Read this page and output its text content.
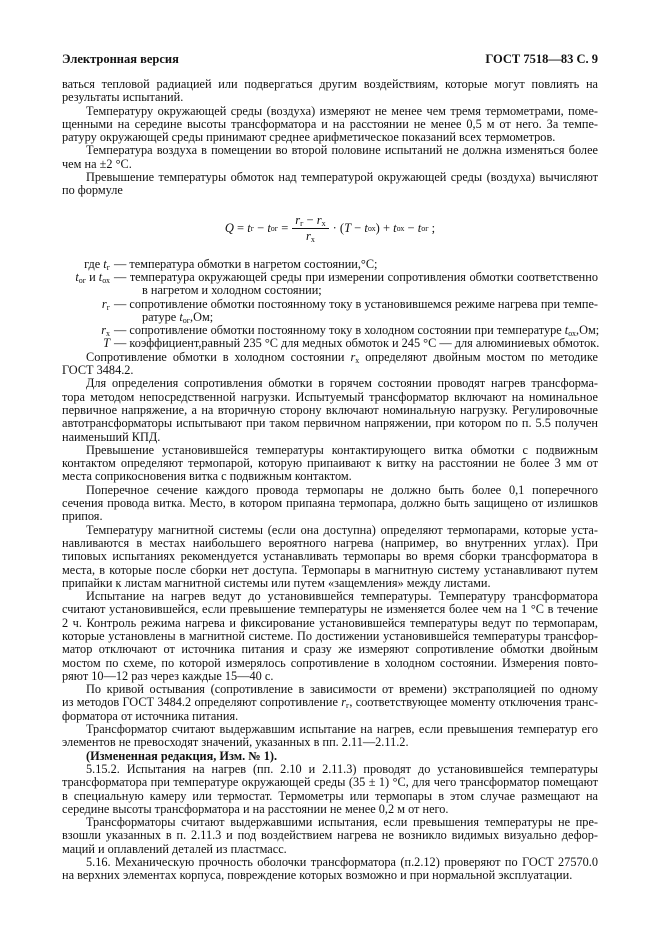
Электронная версия	ГОСТ 7518—83 С. 9
ваться тепловой радиацией или подвергаться другим воздействиям, которые могут повлиять на
результаты испытаний.
Температуру окружающей среды (воздуха) измеряют не менее чем тремя термометрами, поме-
щенными на середине высоты трансформатора и на расстоянии не менее 0,5 м от него. За темпе-
ратуру окружающей среды принимают среднее арифметическое показаний всех термометров.
Температура воздуха в помещении во второй половине испытаний не должна изменяться более
чем на ±2 °С.
Превышение температуры обмоток над температурой окружающей среды (воздуха) вычисляют
по формуле
Q
=
t г
−
t ог
= $\frac{r_г - r_х}{r_х}$ · ( T
−
t ох ) +
t ох
−
t ог
;
где $t_г$ — температура обмотки в нагретом состоянии,°С;
$t_{ог}$ и $t_{ох}$ — температура окружающей среды при измерении сопротивления обмотки соответственно
в нагретом и холодном состоянии;
$r_г$ — сопротивление обмотки постоянному току в установившемся режиме нагрева при темпе-
ратуре $t_{ог},Ом$;
$r_х$ — сопротивление обмотки постоянному току в холодном состоянии при температуре $t_{ох},Ом$;
T — коэффициент,равный 235 °С для медных обмоток и 245 °С — для алюминиевых обмоток.
Сопротивление обмотки в холодном состоянии $r_х$ определяют двойным мостом по методике
ГОСТ 3484.2.
Для определения сопротивления обмотки в горячем состоянии проводят нагрев трансформа-
тора методом непосредственной нагрузки. Испытуемый трансформатор включают на номинальное
первичное напряжение, а на вторичную сторону включают номинальную нагрузку. Регулировочные
автотрансформаторы испытывают при таком первичном напряжении, при котором по п. 5.5 получен
наименьший КПД.
Превышение установившейся температуры контактирующего витка обмотки с подвижным
контактом определяют термопарой, которую припаивают к витку на расстоянии не более 3 мм от
места соприкосновения витка с подвижным контактом.
Поперечное сечение каждого провода термопары не должно быть более 0,1 поперечного
сечения провода витка. Место, в котором припаяна термопара, должно быть защищено от излишков
припоя.
Температуру магнитной системы (если она доступна) определяют термопарами, которые уста-
навливаются в местах наибольшего вероятного нагрева (например, во внутренних углах). При
типовых испытаниях рекомендуется устанавливать термопары во время сборки трансформатора в
места, в которые после сборки нет доступа. Термопары в магнитную систему устанавливают путем
припайки к листам магнитной системы или путем «защемления» между листами.
Испытание на нагрев ведут до установившейся температуры. Температуру трансформатора
считают установившейся, если превышение температуры не изменяется более чем на 1 °С в течение
2 ч. Контроль режима нагрева и фиксирование установившейся температуры ведут по термопарам,
которые установлены в магнитной системе. По достижении установившейся температуры трансфор-
матор отключают от источника питания и сразу же измеряют сопротивление обмотки двойным
мостом по схеме, по которой измерялось сопротивление в холодном состоянии. Измерения повто-
ряют 10—12 раз через каждые 15—40 с.
По кривой остывания (сопротивление в зависимости от времени) экстраполяцией по одному
из методов ГОСТ 3484.2 определяют сопротивление $r_г$, соответствующее моменту отключения транс-
форматора от источника питания.
Трансформатор считают выдержавшим испытание на нагрев, если превышения температур его
элементов не превосходят значений, указанных в пп. 2.11—2.11.2.
(Измененная редакция, Изм. № 1).
5.15.2. Испытания на нагрев (пп. 2.10 и 2.11.3) проводят до установившейся температуры
трансформатора при температуре окружающей среды (35 ± 1) °С, для чего трансформатор помещают
в специальную камеру или термостат. Термометры или термопары в этом случае размещают на
середине высоты трансформатора и на расстоянии не менее 0,2 м от него.
Трансформаторы считают выдержавшими испытания, если превышения температуры не пре-
взошли указанных в п. 2.11.3 и под воздействием нагрева не возникло видимых визуально дефор-
маций и оплавлений деталей из пластмасс.
5.16. Механическую прочность оболочки трансформатора (п.2.12) проверяют по ГОСТ 27570.0
на верхних элементах корпуса, повреждение которых возможно и при нормальной эксплуатации.
